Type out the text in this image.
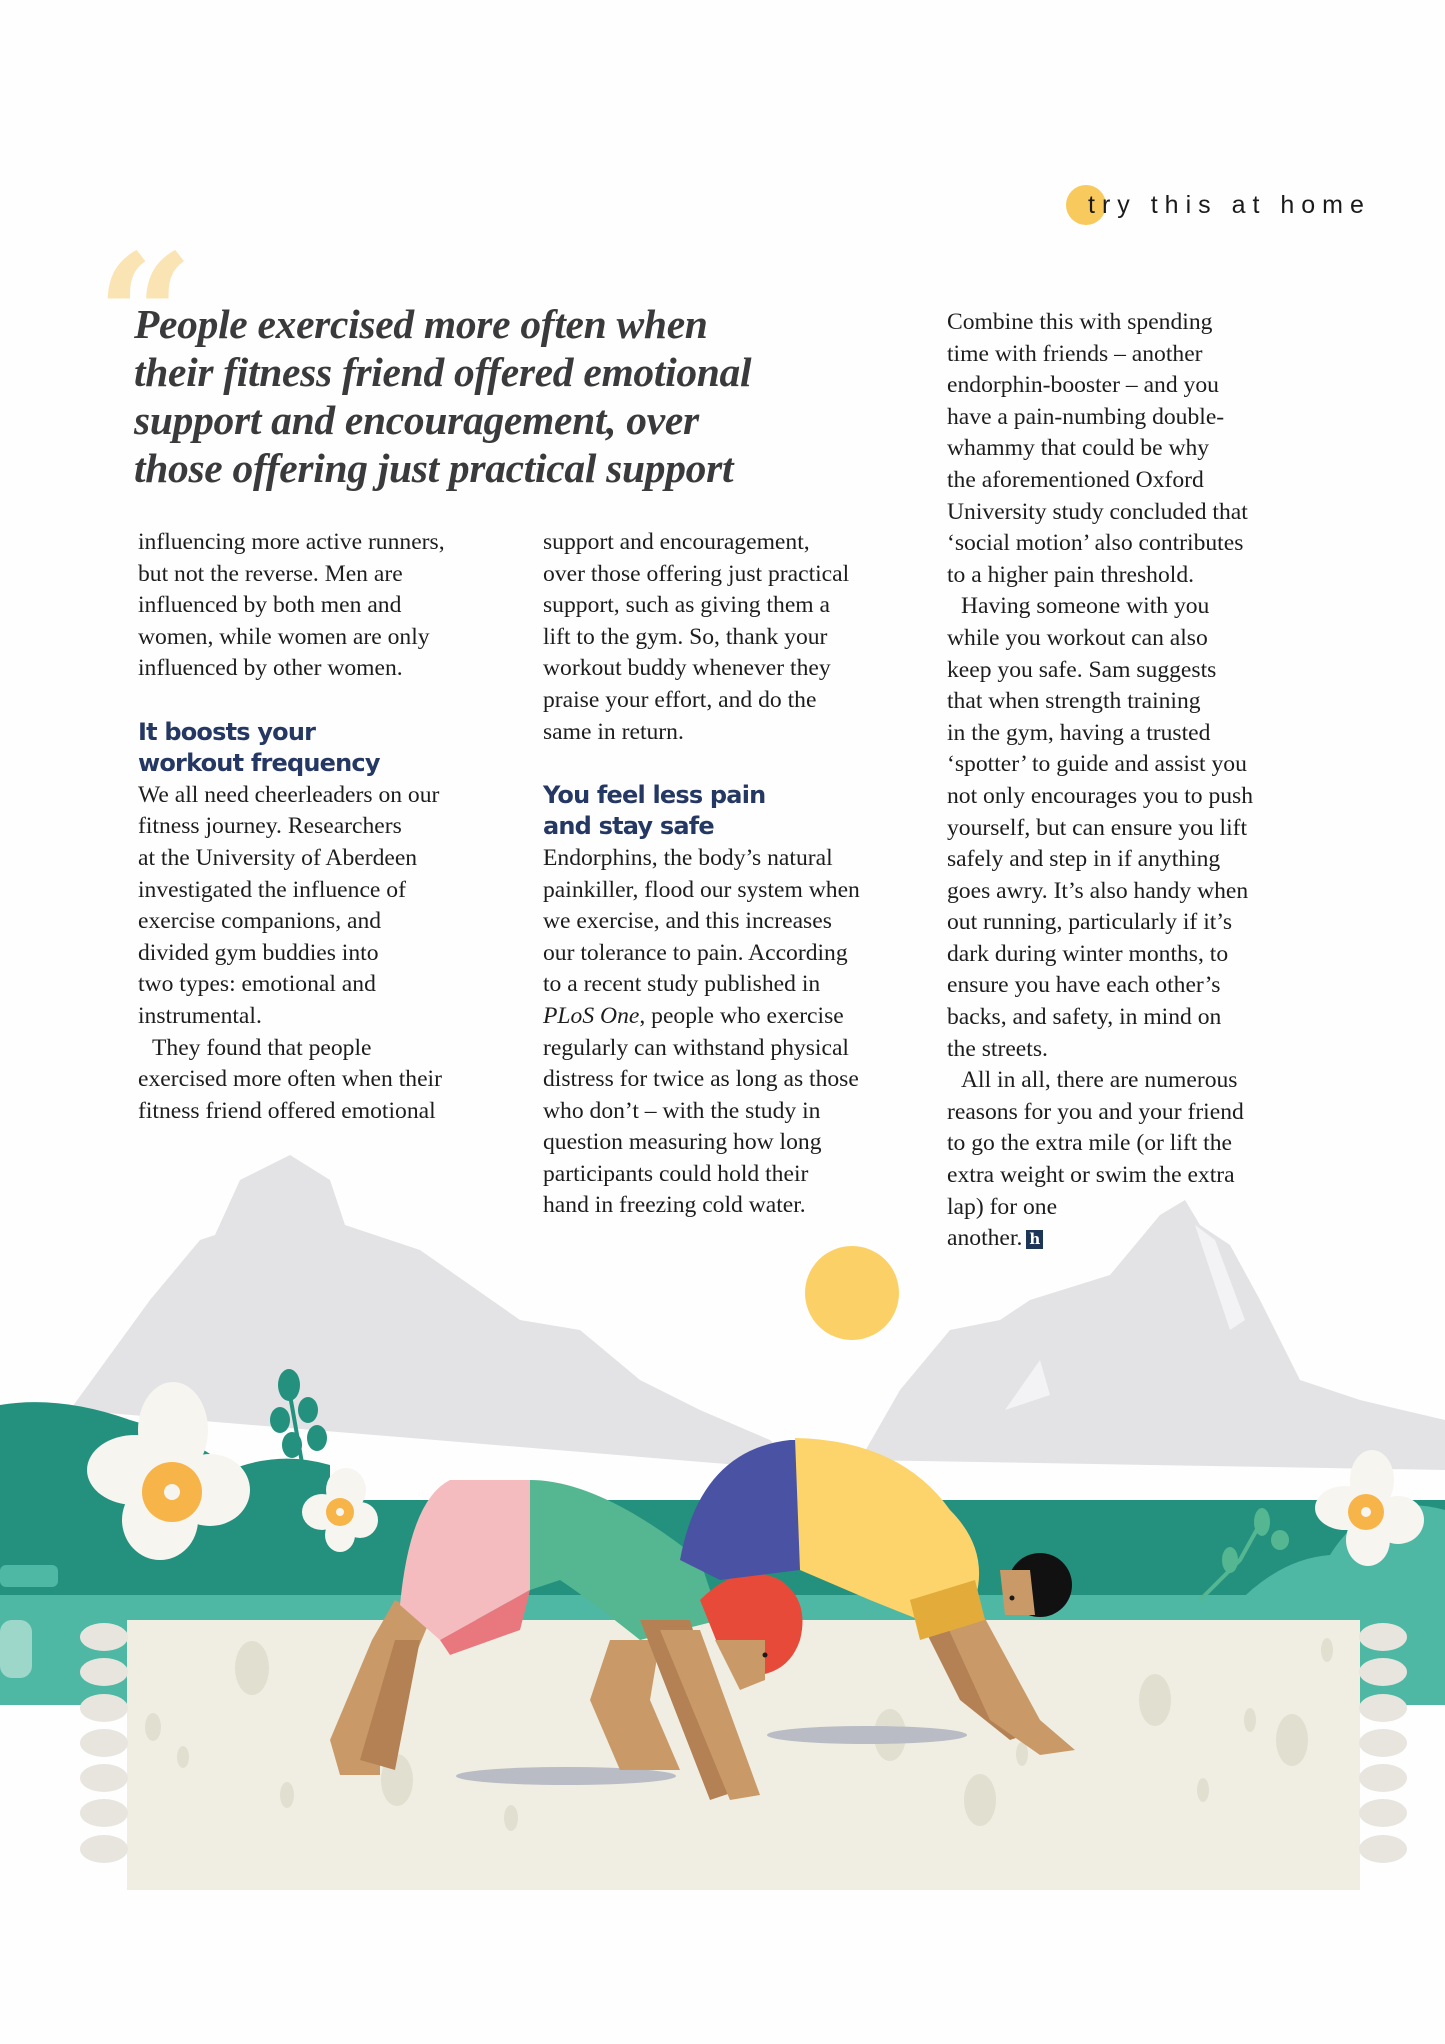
try this at home
“
People exercised more often when
their fitness friend offered emotional
support and encouragement, over
those offering just practical support

influencing more active runners,

but not the reverse. Men are

influenced by both men and

women, while women are only

influenced by other women.

It boosts your

workout frequency

We all need cheerleaders on our

fitness journey. Researchers

at the University of Aberdeen

investigated the influence of

exercise companions, and

divided gym buddies into

two types: emotional and

instrumental.

They found that people

exercised more often when their

fitness friend offered emotional

support and encouragement,

over those offering just practical

support, such as giving them a

lift to the gym. So, thank your

workout buddy whenever they

praise your effort, and do the

same in return.

You feel less pain

and stay safe

Endorphins, the body’s natural

painkiller, flood our system when

we exercise, and this increases

our tolerance to pain. According

to a recent study published in

PLoS One, people who exercise

regularly can withstand physical

distress for twice as long as those

who don’t – with the study in

question measuring how long

participants could hold their

hand in freezing cold water.

Combine this with spending

time with friends – another

endorphin-booster – and you

have a pain-numbing double-

whammy that could be why

the aforementioned Oxford

University study concluded that

‘social motion’ also contributes

to a higher pain threshold.

Having someone with you

while you workout can also

keep you safe. Sam suggests

that when strength training

in the gym, having a trusted

‘spotter’ to guide and assist you

not only encourages you to push

yourself, but can ensure you lift

safely and step in if anything

goes awry. It’s also handy when

out running, particularly if it’s

dark during winter months, to

ensure you have each other’s

backs, and safety, in mind on

the streets.

All in all, there are numerous

reasons for you and your friend

to go the extra mile (or lift the

extra weight or swim the extra

lap) for one

another. h
